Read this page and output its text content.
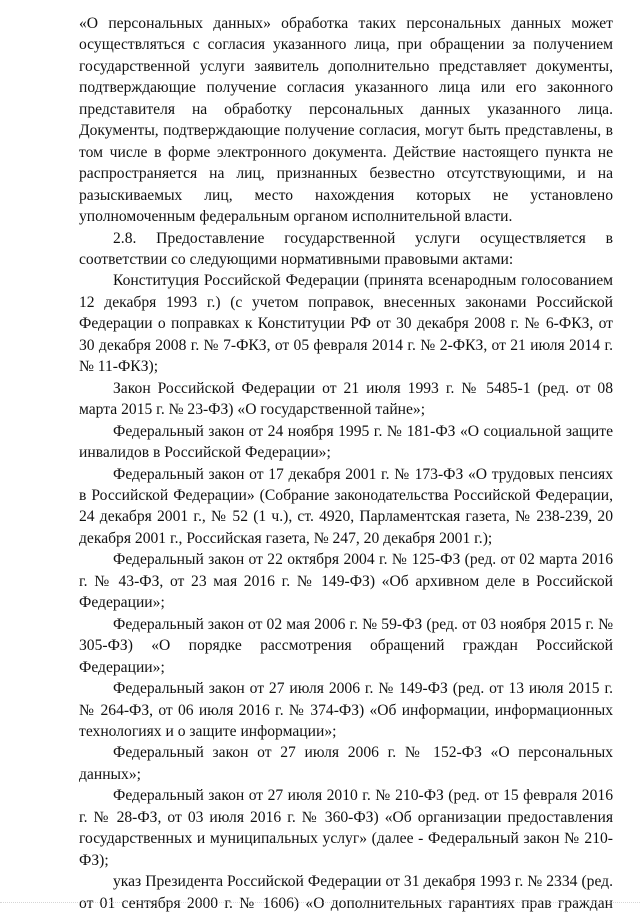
«О персональных данных» обработка таких персональных данных может осуществляться с согласия указанного лица, при обращении за получением государственной услуги заявитель дополнительно представляет документы, подтверждающие получение согласия указанного лица или его законного представителя на обработку персональных данных указанного лица. Документы, подтверждающие получение согласия, могут быть представлены, в том числе в форме электронного документа. Действие настоящего пункта не распространяется на лиц, признанных безвестно отсутствующими, и на разыскиваемых лиц, место нахождения которых не установлено уполномоченным федеральным органом исполнительной власти.

2.8. Предоставление государственной услуги осуществляется в соответствии со следующими нормативными правовыми актами:

Конституция Российской Федерации (принята всенародным голосованием 12 декабря 1993 г.) (с учетом поправок, внесенных законами Российской Федерации о поправках к Конституции РФ от 30 декабря 2008 г. № 6-ФКЗ, от 30 декабря 2008 г. № 7-ФКЗ, от 05 февраля 2014 г. № 2-ФКЗ, от 21 июля 2014 г. № 11-ФКЗ);

Закон Российской Федерации от 21 июля 1993 г. № 5485-1 (ред. от 08 марта 2015 г. № 23-ФЗ) «О государственной тайне»;

Федеральный закон от 24 ноября 1995 г. № 181-ФЗ «О социальной защите инвалидов в Российской Федерации»;

Федеральный закон от 17 декабря 2001 г. № 173-ФЗ «О трудовых пенсиях в Российской Федерации» (Собрание законодательства Российской Федерации, 24 декабря 2001 г., № 52 (1 ч.), ст. 4920, Парламентская газета, № 238-239, 20 декабря 2001 г., Российская газета, № 247, 20 декабря 2001 г.);

Федеральный закон от 22 октября 2004 г. № 125-ФЗ (ред. от 02 марта 2016 г. № 43-ФЗ, от 23 мая 2016 г. № 149-ФЗ) «Об архивном деле в Российской Федерации»;

Федеральный закон от 02 мая 2006 г. № 59-ФЗ (ред. от 03 ноября 2015 г. № 305-ФЗ) «О порядке рассмотрения обращений граждан Российской Федерации»;

Федеральный закон от 27 июля 2006 г. № 149-ФЗ (ред. от 13 июля 2015 г. № 264-ФЗ, от 06 июля 2016 г. № 374-ФЗ) «Об информации, информационных технологиях и о защите информации»;

Федеральный закон от 27 июля 2006 г. № 152-ФЗ «О персональных данных»;

Федеральный закон от 27 июля 2010 г. № 210-ФЗ (ред. от 15 февраля 2016 г. № 28-ФЗ, от 03 июля 2016 г. № 360-ФЗ) «Об организации предоставления государственных и муниципальных услуг» (далее - Федеральный закон № 210-ФЗ);

указ Президента Российской Федерации от 31 декабря 1993 г. № 2334 (ред. от 01 сентября 2000 г. № 1606) «О дополнительных гарантиях прав граждан
